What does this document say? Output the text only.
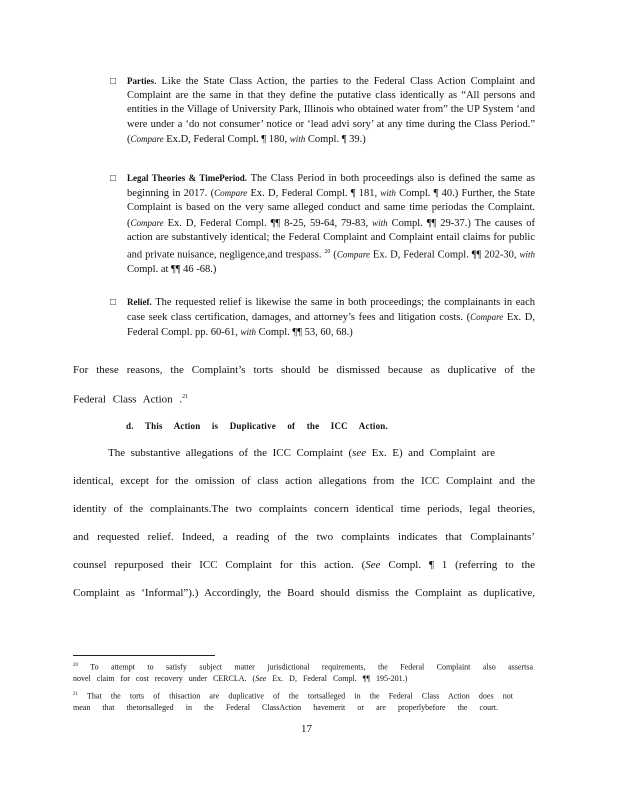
□ Parties. Like the State Class Action, the parties to the Federal Class Action Complaint and Complaint are the same in that they define the putative class identically as “All persons and entities in the Village of University Park, Illinois who obtained water from” the UP System ‘and were under a ‘do not consumer’ notice or ‘lead advi sory’ at any time during the Class Period.” (Compare Ex.D, Federal Compl. ¶ 180, with Compl. ¶ 39.)
□ Legal Theories & TimePeriod. The Class Period in both proceedings also is defined the same as beginning in 2017. (Compare Ex. D, Federal Compl. ¶ 181, with Compl. ¶ 40.) Further, the State Complaint is based on the very same alleged conduct and same time periodas the Complaint. (Compare Ex. D, Federal Compl. ¶¶ 8-25, 59-64, 79-83, with Compl. ¶¶ 29-37.) The causes of action are substantively identical; the Federal Complaint and Complaint entail claims for public and private nuisance, negligence,and trespass. $^{20}$ (Compare Ex. D, Federal Compl. ¶¶ 202-30, with Compl. at ¶¶ 46 -68.)
□ Relief. The requested relief is likewise the same in both proceedings; the complainants in each case seek class certification, damages, and attorney’s fees and litigation costs. (Compare Ex. D, Federal Compl. pp. 60-61, with Compl. ¶¶ 53, 60, 68.)
For these reasons, the Complaint’s torts should be dismissed because as duplicative of the
Federal Class Action .$^{21}$
d. This Action is Duplicative of the ICC Action.
The substantive allegations of the ICC Complaint (see Ex. E) and Complaint are
identical, except for the omission of class action allegations from the ICC Complaint and the
identity of the complainants.The two complaints concern identical time periods, legal theories,
and requested relief. Indeed, a reading of the two complaints indicates that Complainants’
counsel repurposed their ICC Complaint for this action. (See Compl. ¶ 1 (referring to the
Complaint as ‘Informal”).) Accordingly, the Board should dismiss the Complaint as duplicative,
$^{20}$ To attempt to satisfy subject matter jurisdictional requirements, the Federal Complaint also assertsa
novel claim for cost recovery under CERCLA. (See Ex. D, Federal Compl. ¶¶ 195-201.)
$^{21}$ That the torts of thisaction are duplicative of the tortsalleged in the Federal Class Action does not
mean that thetortsalleged in the Federal ClassAction havemerit or are properlybefore the court.
17
